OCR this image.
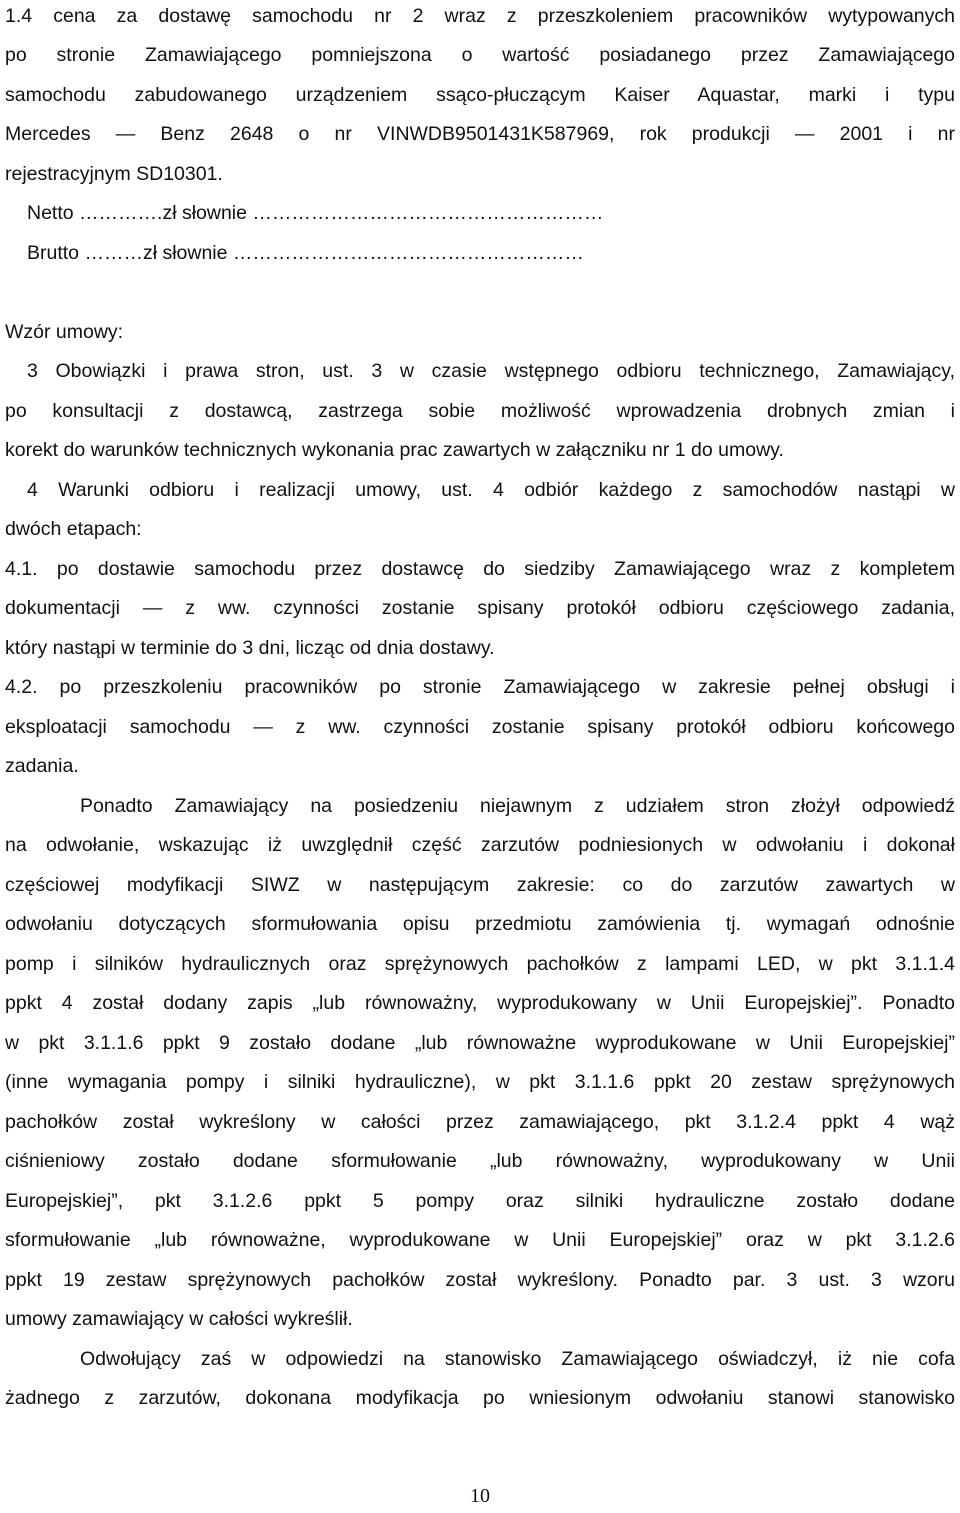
1.4 cena za dostawę samochodu nr 2 wraz z przeszkoleniem pracowników wytypowanych
po stronie Zamawiającego pomniejszona o wartość posiadanego przez Zamawiającego
samochodu zabudowanego urządzeniem ssąco-płuczącym Kaiser Aquastar, marki i typu
Mercedes — Benz 2648 o nr VINWDB9501431K587969, rok produkcji — 2001 i nr
rejestracyjnym SD10301.
Netto ………….zł słownie ………………………………………………
Brutto ………zł słownie ………………………………………………
Wzór umowy:
3 Obowiązki i prawa stron, ust. 3 w czasie wstępnego odbioru technicznego, Zamawiający,
po konsultacji z dostawcą, zastrzega sobie możliwość wprowadzenia drobnych zmian i
korekt do warunków technicznych wykonania prac zawartych w załączniku nr 1 do umowy.
4 Warunki odbioru i realizacji umowy, ust. 4 odbiór każdego z samochodów nastąpi w
dwóch etapach:
4.1. po dostawie samochodu przez dostawcę do siedziby Zamawiającego wraz z kompletem
dokumentacji — z ww. czynności zostanie spisany protokół odbioru częściowego zadania,
który nastąpi w terminie do 3 dni, licząc od dnia dostawy.
4.2. po przeszkoleniu pracowników po stronie Zamawiającego w zakresie pełnej obsługi i
eksploatacji samochodu — z ww. czynności zostanie spisany protokół odbioru końcowego
zadania.
Ponadto Zamawiający na posiedzeniu niejawnym z udziałem stron złożył odpowiedź
na odwołanie, wskazując iż uwzględnił część zarzutów podniesionych w odwołaniu i dokonał
częściowej modyfikacji SIWZ w następującym zakresie: co do zarzutów zawartych w
odwołaniu dotyczących sformułowania opisu przedmiotu zamówienia tj. wymagań odnośnie
pomp i silników hydraulicznych oraz sprężynowych pachołków z lampami LED, w pkt 3.1.1.4
ppkt 4 został dodany zapis „lub równoważny, wyprodukowany w Unii Europejskiej”. Ponadto
w pkt 3.1.1.6 ppkt 9 zostało dodane „lub równoważne wyprodukowane w Unii Europejskiej”
(inne wymagania pompy i silniki hydrauliczne), w pkt 3.1.1.6 ppkt 20 zestaw sprężynowych
pachołków został wykreślony w całości przez zamawiającego, pkt 3.1.2.4 ppkt 4 wąż
ciśnieniowy zostało dodane sformułowanie „lub równoważny, wyprodukowany w Unii
Europejskiej”, pkt 3.1.2.6 ppkt 5 pompy oraz silniki hydrauliczne zostało dodane
sformułowanie „lub równoważne, wyprodukowane w Unii Europejskiej” oraz w pkt 3.1.2.6
ppkt 19 zestaw sprężynowych pachołków został wykreślony. Ponadto par. 3 ust. 3 wzoru
umowy zamawiający w całości wykreślił.
Odwołujący zaś w odpowiedzi na stanowisko Zamawiającego oświadczył, iż nie cofa
żadnego z zarzutów, dokonana modyfikacja po wniesionym odwołaniu stanowi stanowisko
10
